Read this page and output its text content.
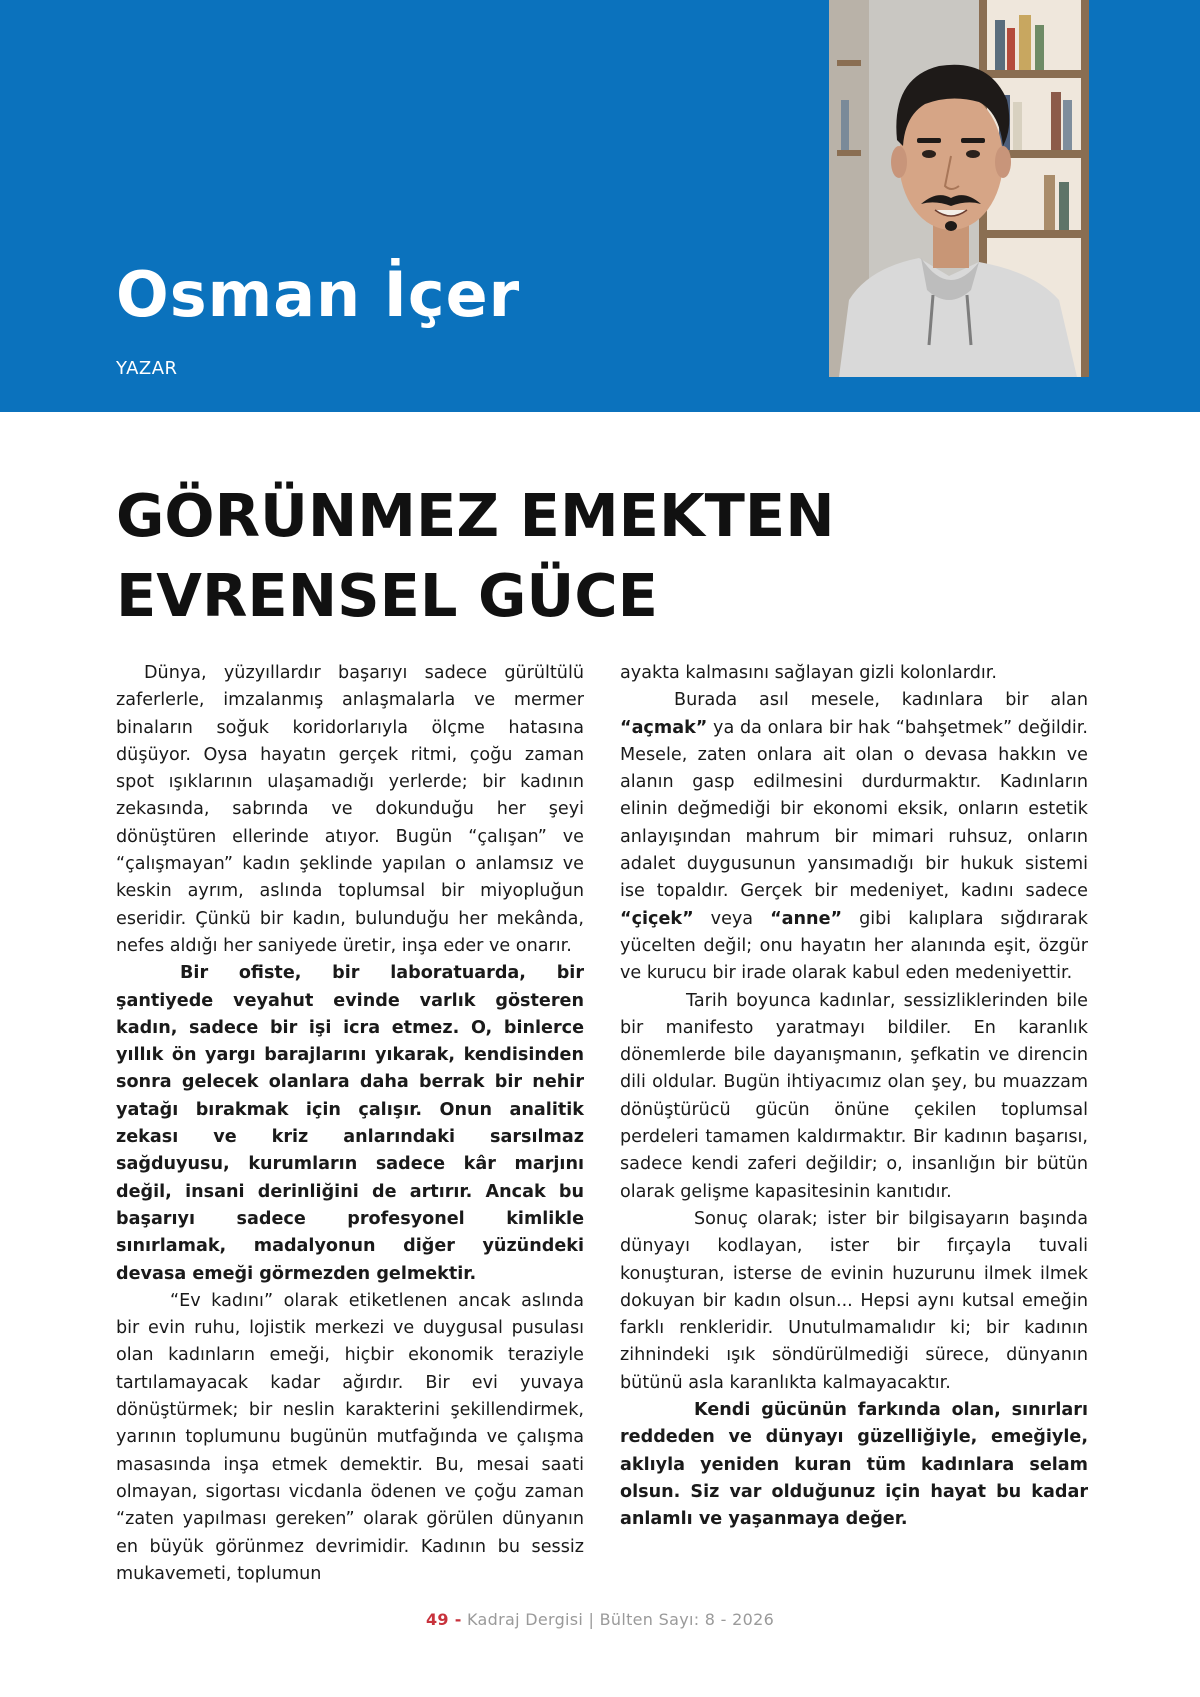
Osman İçer
YAZAR
GÖRÜNMEZ EMEKTEN
EVRENSEL GÜCE

Dünya, yüzyıllardır başarıyı sadece gürültülü zaferlerle, imzalanmış anlaşmalarla ve mermer binaların soğuk koridorlarıyla ölçme hatasına düşüyor. Oysa hayatın gerçek ritmi, çoğu zaman spot ışıklarının ulaşamadığı yerlerde; bir kadının zekasında, sabrında ve dokunduğu her şeyi dönüştüren ellerinde atıyor. Bugün “çalışan” ve “çalışmayan” kadın şeklinde yapılan o anlamsız ve keskin ayrım, aslında toplumsal bir miyopluğun eseridir. Çünkü bir kadın, bulunduğu her mekânda, nefes aldığı her saniyede üretir, inşa eder ve onarır.

Bir ofiste, bir laboratuarda, bir şantiyede veyahut evinde varlık gösteren kadın, sadece bir işi icra etmez. O, binlerce yıllık ön yargı barajlarını yıkarak, kendisinden sonra gelecek olanlara daha berrak bir nehir yatağı bırakmak için çalışır. Onun analitik zekası ve kriz anlarındaki sarsılmaz sağduyusu, kurumların sadece kâr marjını değil, insani derinliğini de artırır. Ancak bu başarıyı sadece profesyonel kimlikle sınırlamak, madalyonun diğer yüzündeki devasa emeği görmezden gelmektir.

“Ev kadını” olarak etiketlenen ancak aslında bir evin ruhu, lojistik merkezi ve duygusal pusulası olan kadınların emeği, hiçbir ekonomik teraziyle tartılamayacak kadar ağırdır. Bir evi yuvaya dönüştürmek; bir neslin karakterini şekillendirmek, yarının toplumunu bugünün mutfağında ve çalışma masasında inşa etmek demektir. Bu, mesai saati olmayan, sigortası vicdanla ödenen ve çoğu zaman “zaten yapılması gereken” olarak görülen dünyanın en büyük görünmez devrimidir. Kadının bu sessiz mukavemeti, toplumun

ayakta kalmasını sağlayan gizli kolonlardır.

Burada asıl mesele, kadınlara bir alan “açmak” ya da onlara bir hak “bahşetmek” değildir. Mesele, zaten onlara ait olan o devasa hakkın ve alanın gasp edilmesini durdurmaktır. Kadınların elinin değmediği bir ekonomi eksik, onların estetik anlayışından mahrum bir mimari ruhsuz, onların adalet duygusunun yansımadığı bir hukuk sistemi ise topaldır. Gerçek bir medeniyet, kadını sadece “çiçek” veya “anne” gibi kalıplara sığdırarak yücelten değil; onu hayatın her alanında eşit, özgür ve kurucu bir irade olarak kabul eden medeniyettir.

Tarih boyunca kadınlar, sessizliklerinden bile bir manifesto yaratmayı bildiler. En karanlık dönemlerde bile dayanışmanın, şefkatin ve direncin dili oldular. Bugün ihtiyacımız olan şey, bu muazzam dönüştürücü gücün önüne çekilen toplumsal perdeleri tamamen kaldırmaktır. Bir kadının başarısı, sadece kendi zaferi değildir; o, insanlığın bir bütün olarak gelişme kapasitesinin kanıtıdır.

Sonuç olarak; ister bir bilgisayarın başında dünyayı kodlayan, ister bir fırçayla tuvali konuşturan, isterse de evinin huzurunu ilmek ilmek dokuyan bir kadın olsun... Hepsi aynı kutsal emeğin farklı renkleridir. Unutulmamalıdır ki; bir kadının zihnindeki ışık söndürülmediği sürece, dünyanın bütünü asla karanlıkta kalmayacaktır.

Kendi gücünün farkında olan, sınırları reddeden ve dünyayı güzelliğiyle, emeğiyle, aklıyla yeniden kuran tüm kadınlara selam olsun. Siz var olduğunuz için hayat bu kadar anlamlı ve yaşanmaya değer.

49 - Kadraj Dergisi | Bülten Sayı: 8 - 2026
